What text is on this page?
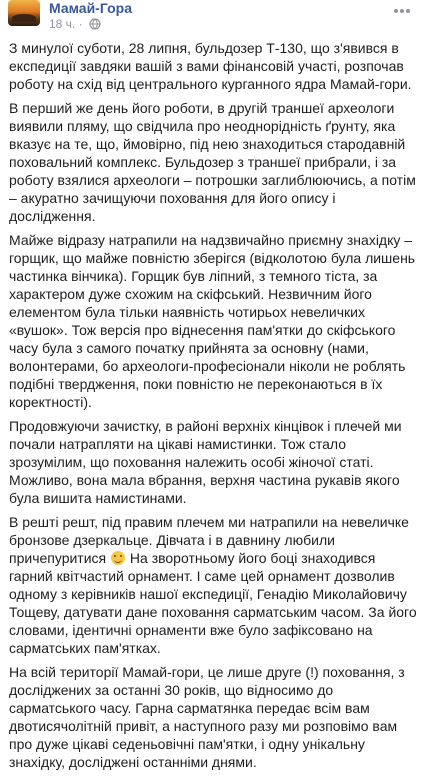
Мамай-Гора
18 ч. ·

З минулої суботи, 28 липня, бульдозер Т-130, що з'явився в експедиції завдяки вашій з вами фінансовій участі, розпочав роботу на схід від центрального курганного ядра Мамай-гори.

В перший же день його роботи, в другій траншеї археологи виявили пляму, що свідчила про неоднорідність ґрунту, яка вказує на те, що, ймовірно, під нею знаходиться стародавній поховальний комплекс. Бульдозер з траншеї прибрали, і за роботу взялися археологи – потрошки заглиблюючись, а потім – акуратно зачищуючи поховання для його опису і дослідження.

Майже відразу натрапили на надзвичайно приємну знахідку – горщик, що майже повністю зберігся (відколотою була лишень частинка вінчика). Горщик був ліпний, з темного тіста, за характером дуже схожим на скіфський. Незвичним його елементом була тільки наявність чотирьох невеличких «вушок». Тож версія про віднесення пам'ятки до скіфського часу була з самого початку прийнята за основну (нами, волонтерами, бо археологи-професіонали ніколи не роблять подібні твердження, поки повністю не переконаються в їх коректності).

Продовжуючи зачистку, в районі верхніх кінцівок і плечей ми почали натрапляти на цікаві намистинки. Тож стало зрозумілим, що поховання належить особі жіночої статі. Можливо, вона мала вбрання, верхня частина рукавів якого була вишита намистинами.

В решті решт, під правим плечем ми натрапили на невеличке бронзове дзеркальце. Дівчата і в давнину любили причепуритися На зворотньому його боці знаходився гарний квітчастий орнамент. І саме цей орнамент дозволив одному з керівників нашої експедиції, Генадію Миколайовичу Тощеву, датувати дане поховання сарматським часом. За його словами, ідентичні орнаменти вже було зафіксовано на сарматських пам'ятках.

На всій території Мамай-гори, це лише друге (!) поховання, з досліджених за останні 30 років, що відносимо до сарматського часу. Гарна сарматянка передає всім вам двотисячолітній привіт, а наступного разу ми розповімо вам про дуже цікаві седеньовічні пам'ятки, і одну унікальну знахідку, досліджені останніми днями.
